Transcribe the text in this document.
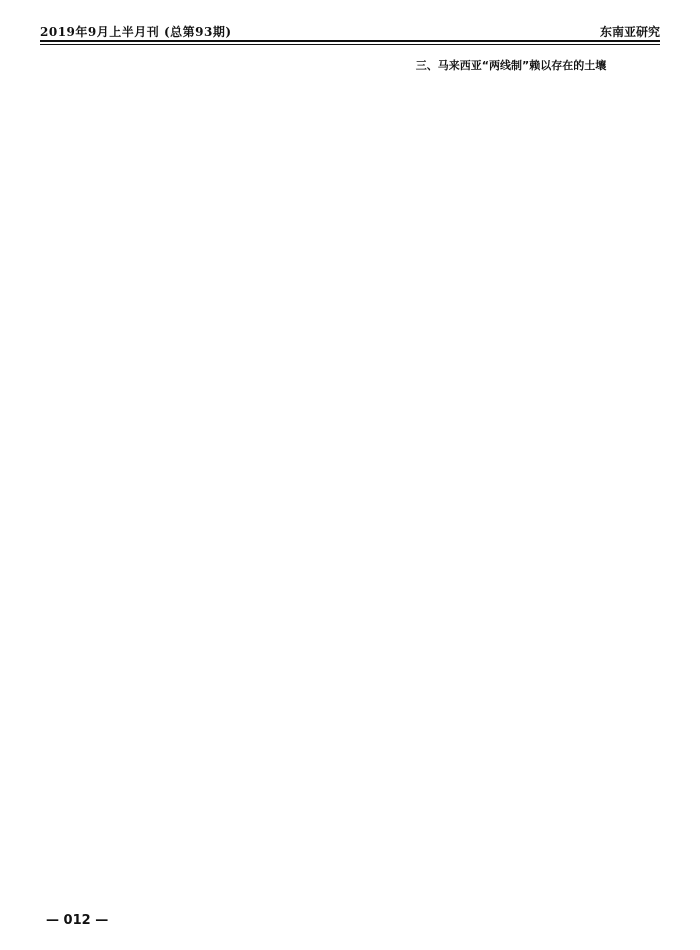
2019年9月上半月刊 (总第93期)	东南亚研究
三、马来西亚“两线制”赖以存在的土壤
— 012 —
